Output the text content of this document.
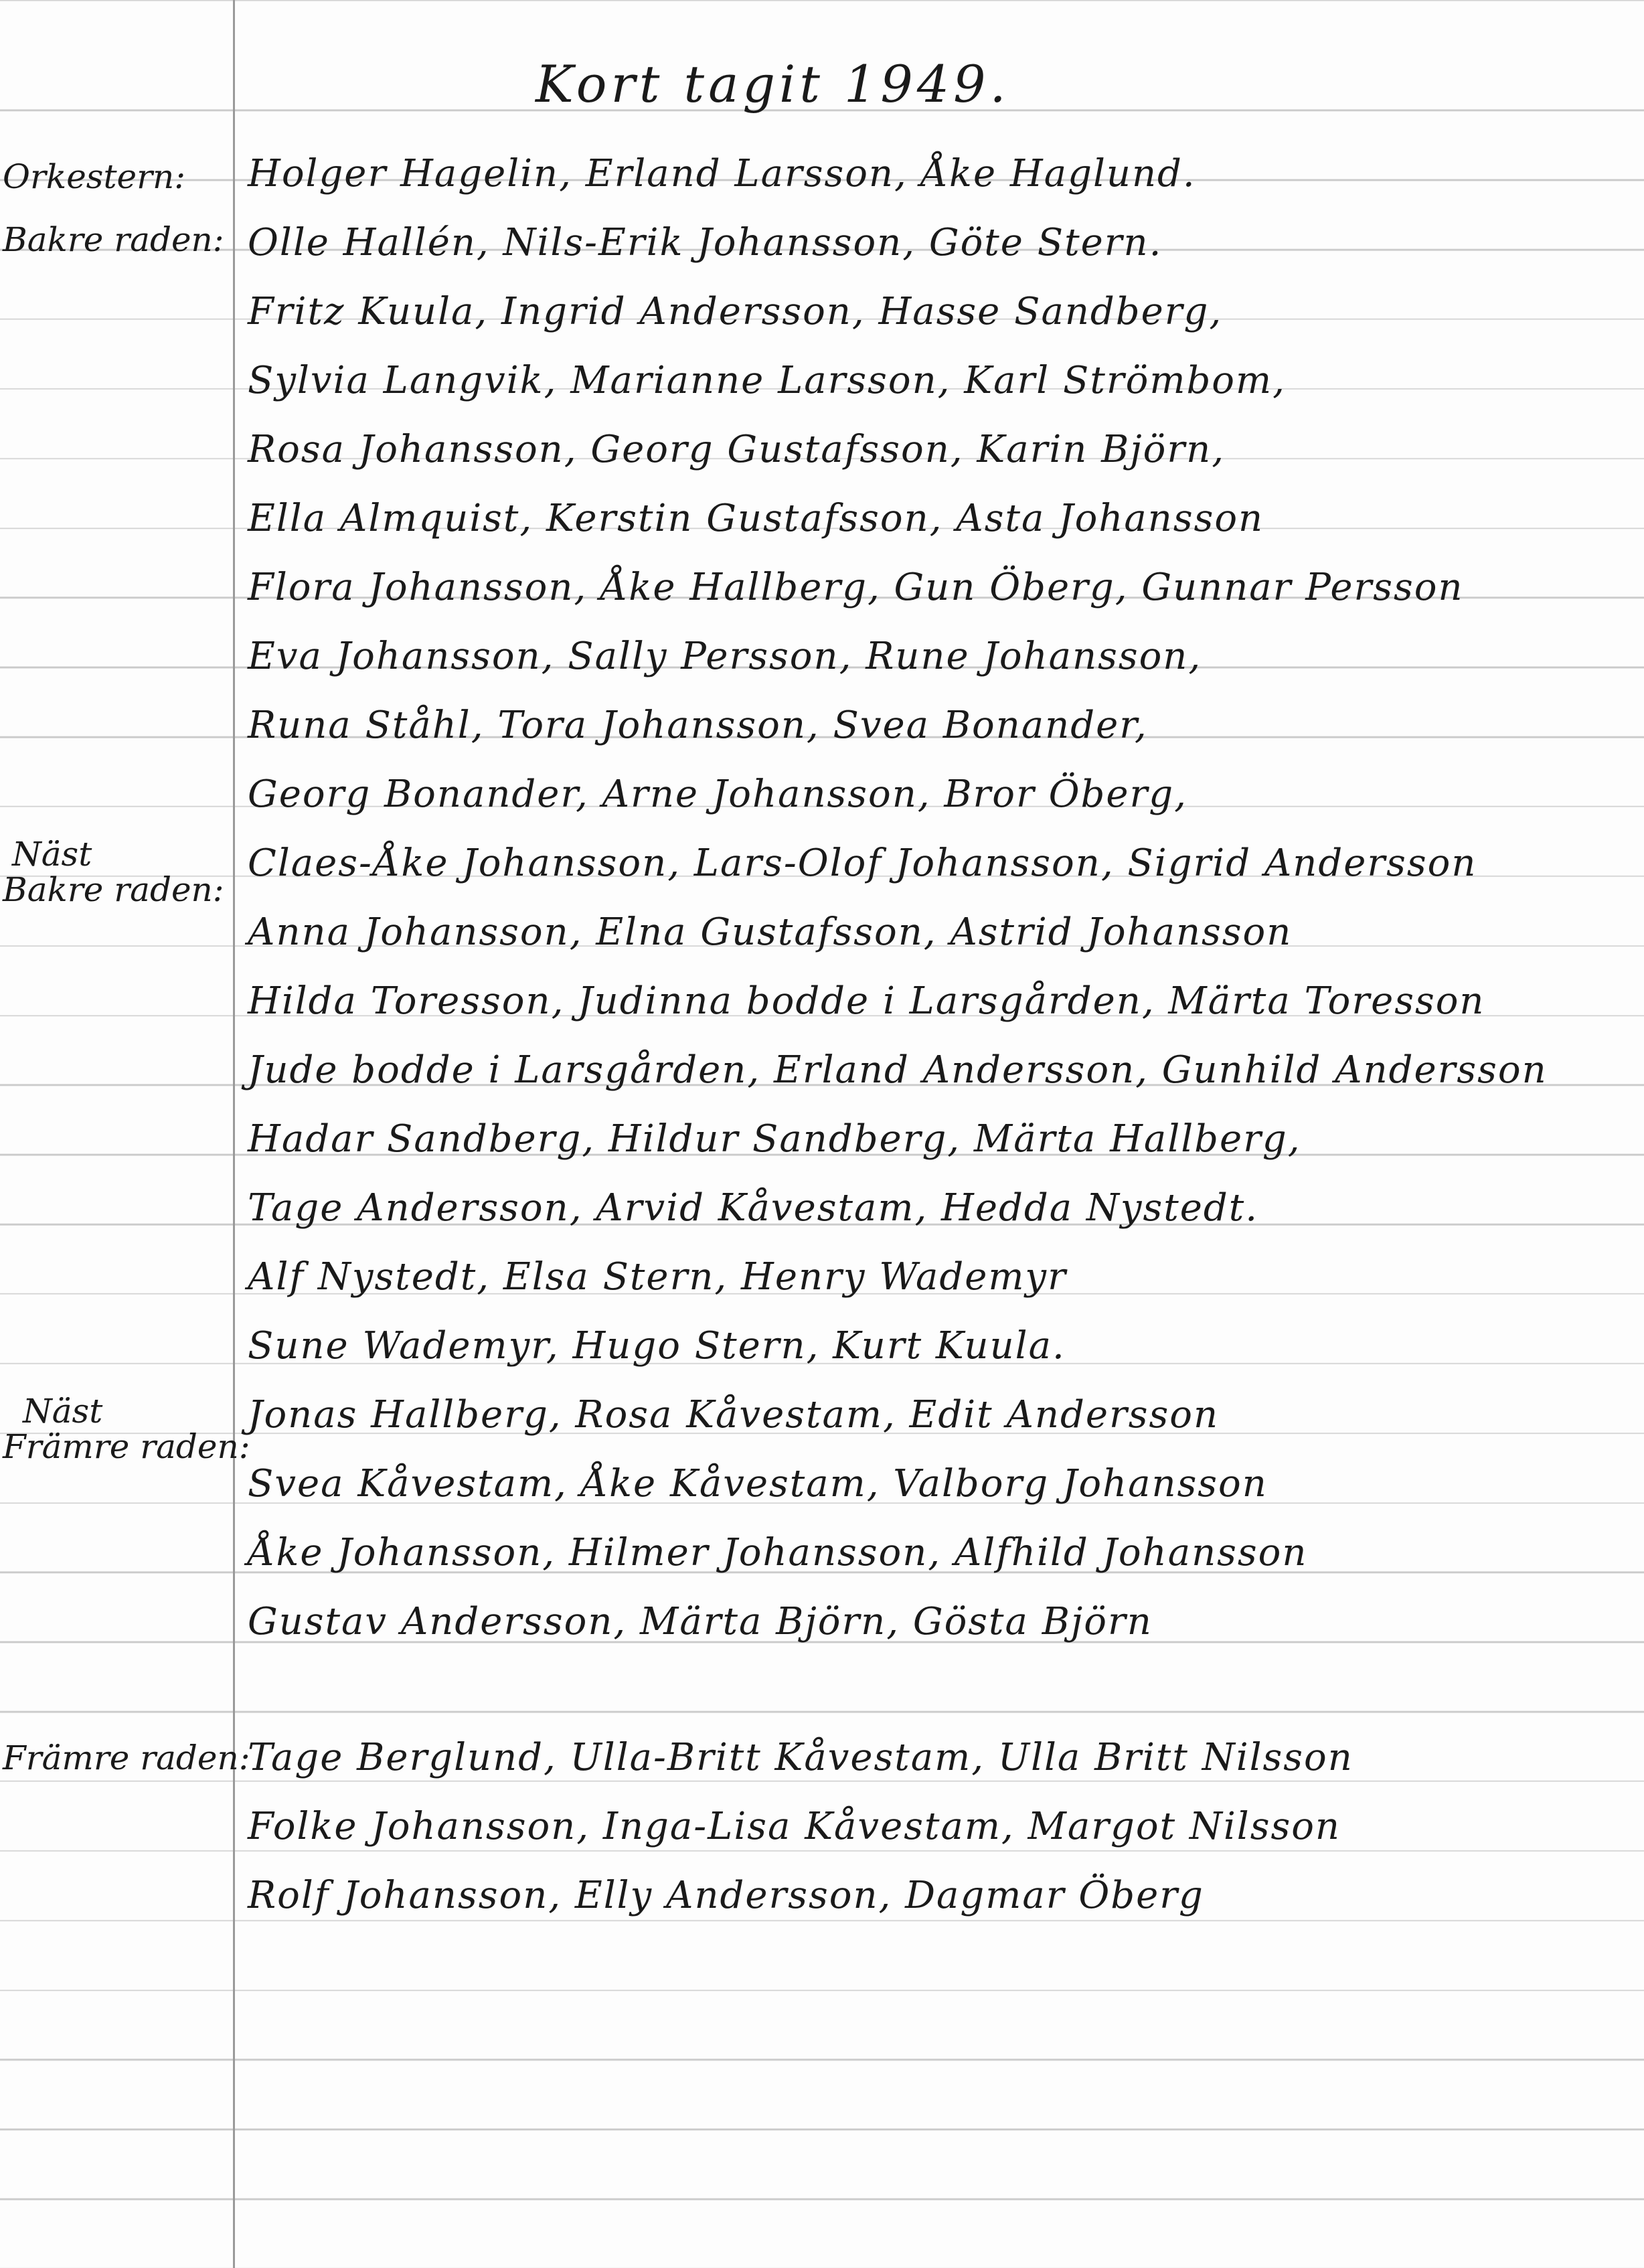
Kort tagit 1949.
Orkestern:
Bakre raden:
Näst
Bakre raden:
Näst
Främre raden:
Främre raden:
Holger Hagelin, Erland Larsson, Åke Haglund.
Olle Hallén, Nils-Erik Johansson, Göte Stern.
Fritz Kuula, Ingrid Andersson, Hasse Sandberg,
Sylvia Langvik, Marianne Larsson, Karl Strömbom,
Rosa Johansson, Georg Gustafsson, Karin Björn,
Ella Almquist, Kerstin Gustafsson, Asta Johansson
Flora Johansson, Åke Hallberg, Gun Öberg, Gunnar Persson
Eva Johansson, Sally Persson, Rune Johansson,
Runa Ståhl, Tora Johansson, Svea Bonander,
Georg Bonander, Arne Johansson, Bror Öberg,
Claes-Åke Johansson, Lars-Olof Johansson, Sigrid Andersson
Anna Johansson, Elna Gustafsson, Astrid Johansson
Hilda Toresson, Judinna bodde i Larsgården, Märta Toresson
Jude bodde i Larsgården, Erland Andersson, Gunhild Andersson
Hadar Sandberg, Hildur Sandberg, Märta Hallberg,
Tage Andersson, Arvid Kåvestam, Hedda Nystedt.
Alf Nystedt, Elsa Stern, Henry Wademyr
Sune Wademyr, Hugo Stern, Kurt Kuula.
Jonas Hallberg, Rosa Kåvestam, Edit Andersson
Svea Kåvestam, Åke Kåvestam, Valborg Johansson
Åke Johansson, Hilmer Johansson, Alfhild Johansson
Gustav Andersson, Märta Björn, Gösta Björn
Tage Berglund, Ulla-Britt Kåvestam, Ulla Britt Nilsson
Folke Johansson, Inga-Lisa Kåvestam, Margot Nilsson
Rolf Johansson, Elly Andersson, Dagmar Öberg
